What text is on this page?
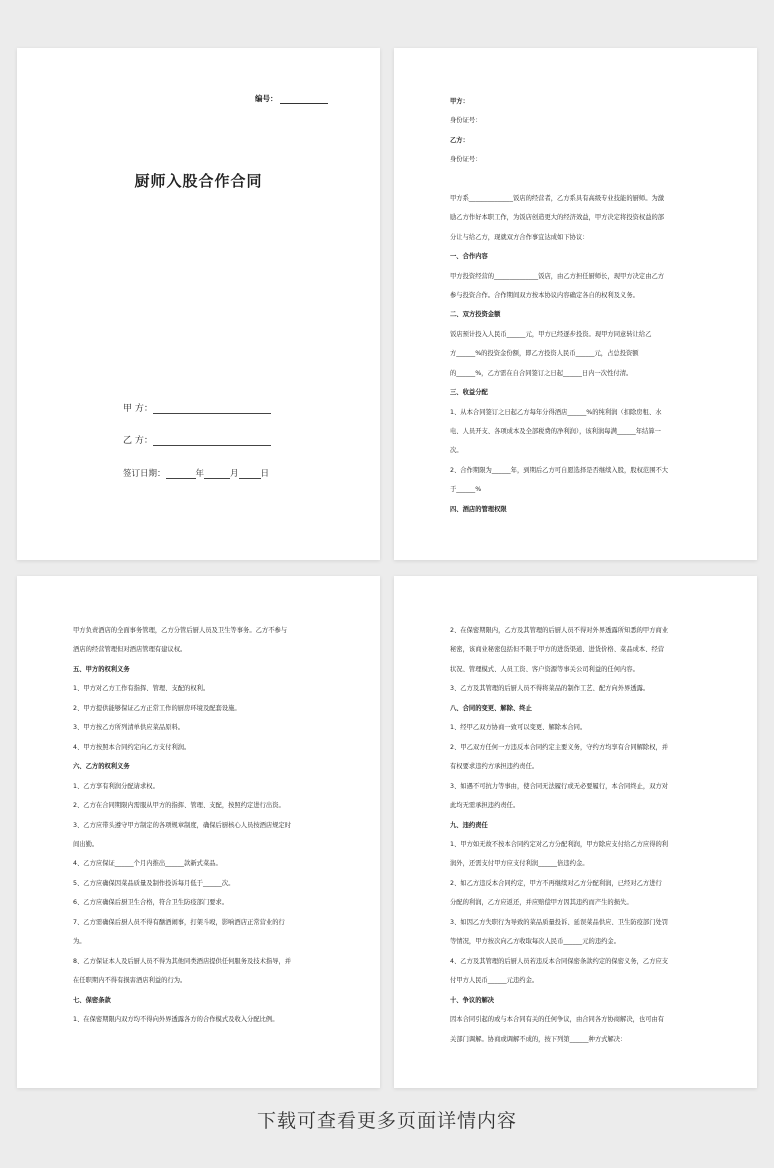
编号：
厨师入股合作合同
甲 方：
乙 方：
签订日期：	年	月	日

甲方：

身份证号：

乙方：

身份证号：

甲方系______________饭店的经营者，乙方系具有高级专业技能的厨师。为激

励乙方作好本职工作，为饭店创造更大的经济效益，甲方决定将投资权益的部

分让与给乙方，现就双方合作事宜达成如下协议：

一、合作内容

甲方投资经营的______________饭店，由乙方担任厨师长，现甲方决定由乙方

参与投资合作。合作期间双方按本协议内容确定各自的权利及义务。

二、双方投资金额

饭店预计投入人民币______元，甲方已经逐步投资。现甲方同意转让给乙

方______%的投资金份额，即乙方投资人民币______元，占总投资额

的______%，乙方需在自合同签订之日起______日内一次性付清。

三、收益分配

1、从本合同签订之日起乙方每年分得酒店______%的纯利润（扣除房租、水

电、人员开支、各项成本及全部税费的净利润），该利润每满______年结算一

次。

2、合作期限为______年，到期后乙方可自愿选择是否继续入股，股权范围不大

于______%

四、酒店的管理权限

甲方负责酒店的全面事务管理，乙方分管后厨人员及卫生等事务。乙方不参与

酒店的经营管理但对酒店管理有建议权。

五、甲方的权利义务

1、甲方对乙方工作有指挥、管理、支配的权利。

2、甲方提供能够保证乙方正常工作的厨房环境及配套设施。

3、甲方按乙方所列清单供应菜品原料。

4、甲方按照本合同约定向乙方支付利润。

六、乙方的权利义务

1、乙方享有利润分配请求权。

2、乙方在合同期限内需服从甲方的指挥、管理、支配，按照约定进行出资。

3、乙方应带头遵守甲方制定的各项规章制度，确保后厨核心人员按酒店规定时

间出勤。

4、乙方应保证______个月内推出______款新式菜品。

5、乙方应确保因菜品质量及制作投诉每月低于______次。

6、乙方应确保后厨卫生合格，符合卫生防疫部门要求。

7、乙方需确保后厨人员不得有酗酒闹事，打架斗殴，影响酒店正常营业的行

为。

8、乙方保证本人及后厨人员不得为其他同类酒店提供任何服务及技术指导，并

在任职期内不得有损害酒店利益的行为。

七、保密条款

1、在保密期限内双方均不得向外界透露各方的合作模式及收入分配比例。

2、在保密期限内，乙方及其管理的后厨人员不得对外界透露所知悉的甲方商业

秘密，该商业秘密包括但不限于甲方的进货渠道、进货价格、菜品成本、经营

状况、管理模式、人员工资、客户资源等事关公司利益的任何内容。

3、乙方及其管理的后厨人员不得将菜品的制作工艺、配方向外界透露。

八、合同的变更、解除、终止

1、经甲乙双方协商一致可以变更、解除本合同。

2、甲乙双方任何一方违反本合同约定主要义务，守约方均享有合同解除权，并

有权要求违约方承担违约责任。

3、如遇不可抗力等事由，使合同无法履行或无必要履行，本合同终止，双方对

此均无需承担违约责任。

九、违约责任

1、甲方如无故不按本合同约定对乙方分配利润，甲方除应支付给乙方应得的利

润外，还需支付甲方应支付利润______倍违约金。

2、如乙方违反本合同约定，甲方不再继续对乙方分配利润，已经对乙方进行

分配的利润，乙方应返还，并应赔偿甲方因其违约而产生的损失。

3、如因乙方失职行为导致的菜品质量投诉、延误菜品供应、卫生防疫部门处罚

等情况，甲方按次向乙方收取每次人民币______元的违约金。

4、乙方及其管理的后厨人员若违反本合同保密条款约定的保密义务，乙方应支

付甲方人民币______元违约金。

十、争议的解决

因本合同引起的或与本合同有关的任何争议，由合同各方协商解决，也可由有

关部门调解。协商或调解不成的，按下列第______种方式解决：

下载可查看更多页面详情内容
